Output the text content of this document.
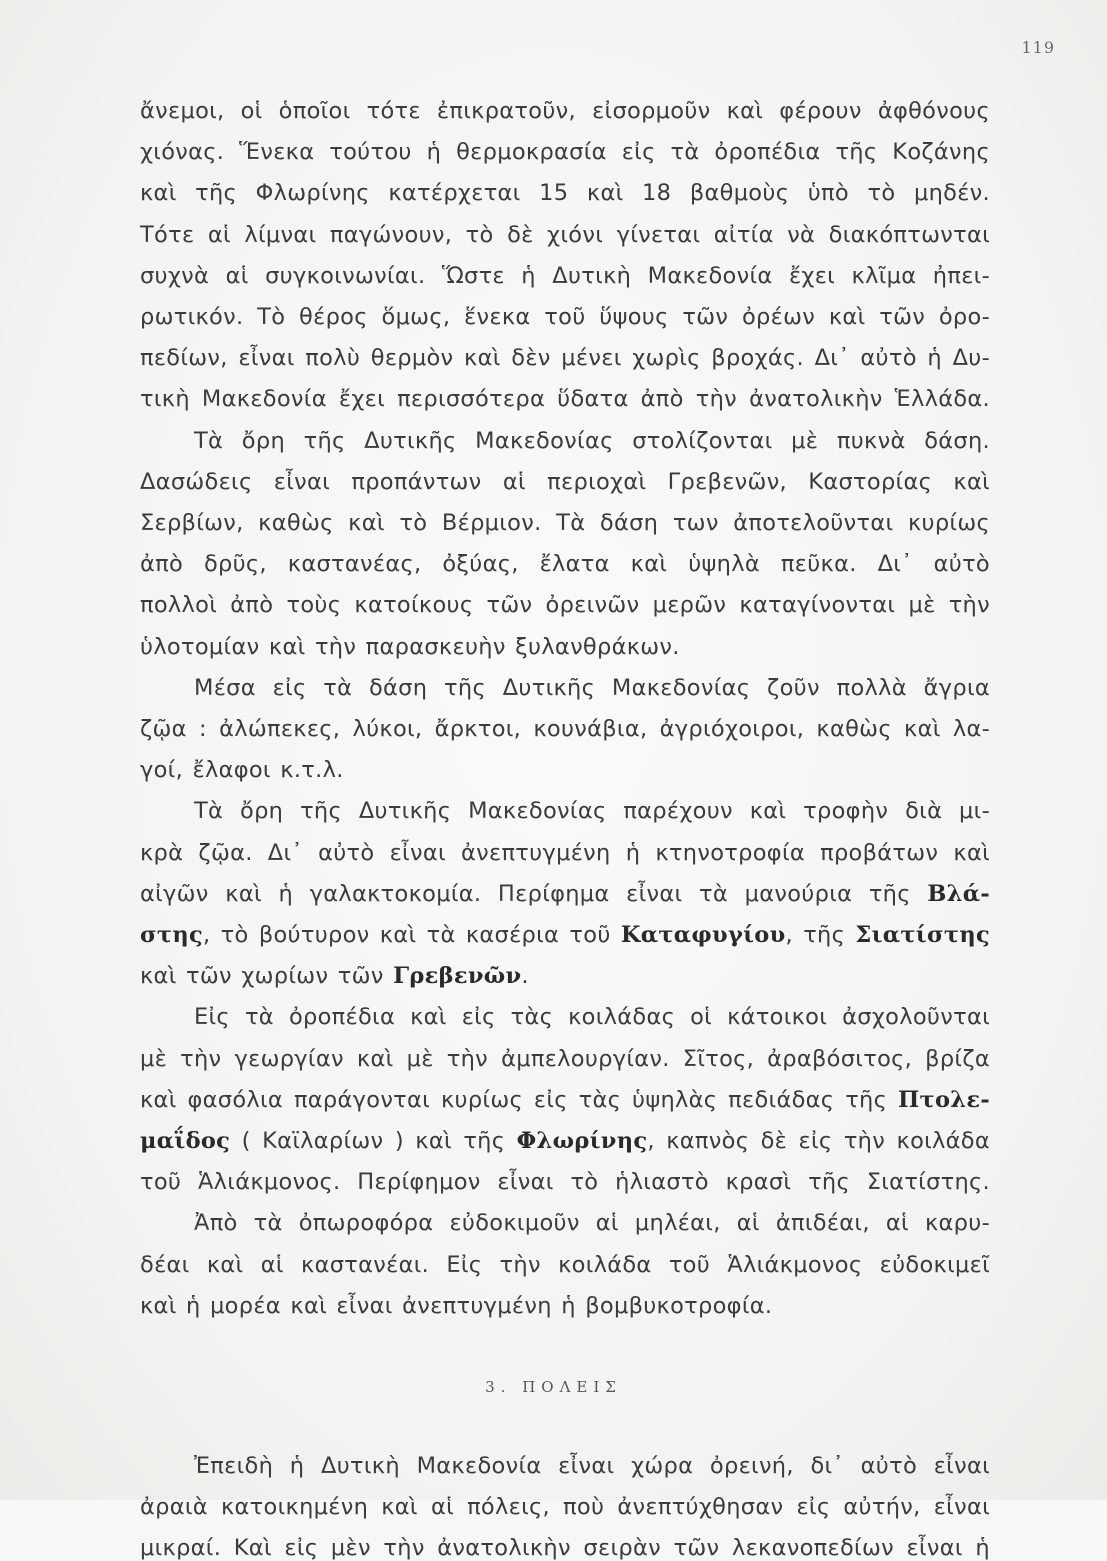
119
ἄνεμοι, οἱ ὁποῖοι τότε ἐπικρατοῦν, εἰσορμοῦν καὶ φέρουν ἀφθόνους
χιόνας. Ἕνεκα τούτου ἡ θερμοκρασία εἰς τὰ ὀροπέδια τῆς Κοζάνης
καὶ τῆς Φλωρίνης κατέρχεται 15 καὶ 18 βαθμοὺς ὑπὸ τὸ μηδέν.
Τότε αἱ λίμναι παγώνουν, τὸ δὲ χιόνι γίνεται αἰτία νὰ διακόπτωνται
συχνὰ αἱ συγκοινωνίαι. Ὥστε ἡ Δυτικὴ Μακεδονία ἔχει κλῖμα ἠπει-
ρωτικόν. Τὸ θέρος ὅμως, ἕνεκα τοῦ ὕψους τῶν ὀρέων καὶ τῶν ὀρο-
πεδίων, εἶναι πολὺ θερμὸν καὶ δὲν μένει χωρὶς βροχάς. Δι᾽ αὐτὸ ἡ Δυ-
τικὴ Μακεδονία ἔχει περισσότερα ὕδατα ἀπὸ τὴν ἀνατολικὴν Ἑλλάδα.
Τὰ ὄρη τῆς Δυτικῆς Μακεδονίας στολίζονται μὲ πυκνὰ δάση.
Δασώδεις εἶναι προπάντων αἱ περιοχαὶ Γρεβενῶν, Καστορίας καὶ
Σερβίων, καθὼς καὶ τὸ Βέρμιον. Τὰ δάση των ἀποτελοῦνται κυρίως
ἀπὸ δρῦς, καστανέας, ὀξύας, ἔλατα καὶ ὑψηλὰ πεῦκα. Δι᾽ αὐτὸ
πολλοὶ ἀπὸ τοὺς κατοίκους τῶν ὀρεινῶν μερῶν καταγίνονται μὲ τὴν
ὑλοτομίαν καὶ τὴν παρασκευὴν ξυλανθράκων.
Μέσα εἰς τὰ δάση τῆς Δυτικῆς Μακεδονίας ζοῦν πολλὰ ἄγρια
ζῷα : ἀλώπεκες, λύκοι, ἄρκτοι, κουνάβια, ἀγριόχοιροι, καθὼς καὶ λα-
γοί, ἔλαφοι κ.τ.λ.
Τὰ ὄρη τῆς Δυτικῆς Μακεδονίας παρέχουν καὶ τροφὴν διὰ μι-
κρὰ ζῷα. Δι᾽ αὐτὸ εἶναι ἀνεπτυγμένη ἡ κτηνοτροφία προβάτων καὶ
αἰγῶν καὶ ἡ γαλακτοκομία. Περίφημα εἶναι τὰ μανούρια τῆς Βλά-
στης, τὸ βούτυρον καὶ τὰ κασέρια τοῦ Καταφυγίου, τῆς Σιατίστης
καὶ τῶν χωρίων τῶν Γρεβενῶν.
Εἰς τὰ ὀροπέδια καὶ εἰς τὰς κοιλάδας οἱ κάτοικοι ἀσχολοῦνται
μὲ τὴν γεωργίαν καὶ μὲ τὴν ἀμπελουργίαν. Σῖτος, ἀραβόσιτος, βρίζα
καὶ φασόλια παράγονται κυρίως εἰς τὰς ὑψηλὰς πεδιάδας τῆς Πτολε-
μαΐδος ( Καϊλαρίων ) καὶ τῆς Φλωρίνης, καπνὸς δὲ εἰς τὴν κοιλάδα
τοῦ Ἁλιάκμονος. Περίφημον εἶναι τὸ ἡλιαστὸ κρασὶ τῆς Σιατίστης.
3. ΠΟΛΕΙΣ
Ἐπειδὴ ἡ Δυτικὴ Μακεδονία εἶναι χώρα ὀρεινή, δι᾽ αὐτὸ εἶναι
ἀραιὰ κατοικημένη καὶ αἱ πόλεις, ποὺ ἀνεπτύχθησαν εἰς αὐτήν, εἶναι
μικραί. Καὶ εἰς μὲν τὴν ἀνατολικὴν σειρὰν τῶν λεκανοπεδίων εἶναι ἡ
Ἀπὸ τὰ ὀπωροφόρα εὐδοκιμοῦν αἱ μηλέαι, αἱ ἀπιδέαι, αἱ καρυ-
δέαι καὶ αἱ καστανέαι. Εἰς τὴν κοιλάδα τοῦ Ἁλιάκμονος εὐδοκιμεῖ
καὶ ἡ μορέα καὶ εἶναι ἀνεπτυγμένη ἡ βομβυκοτροφία.
